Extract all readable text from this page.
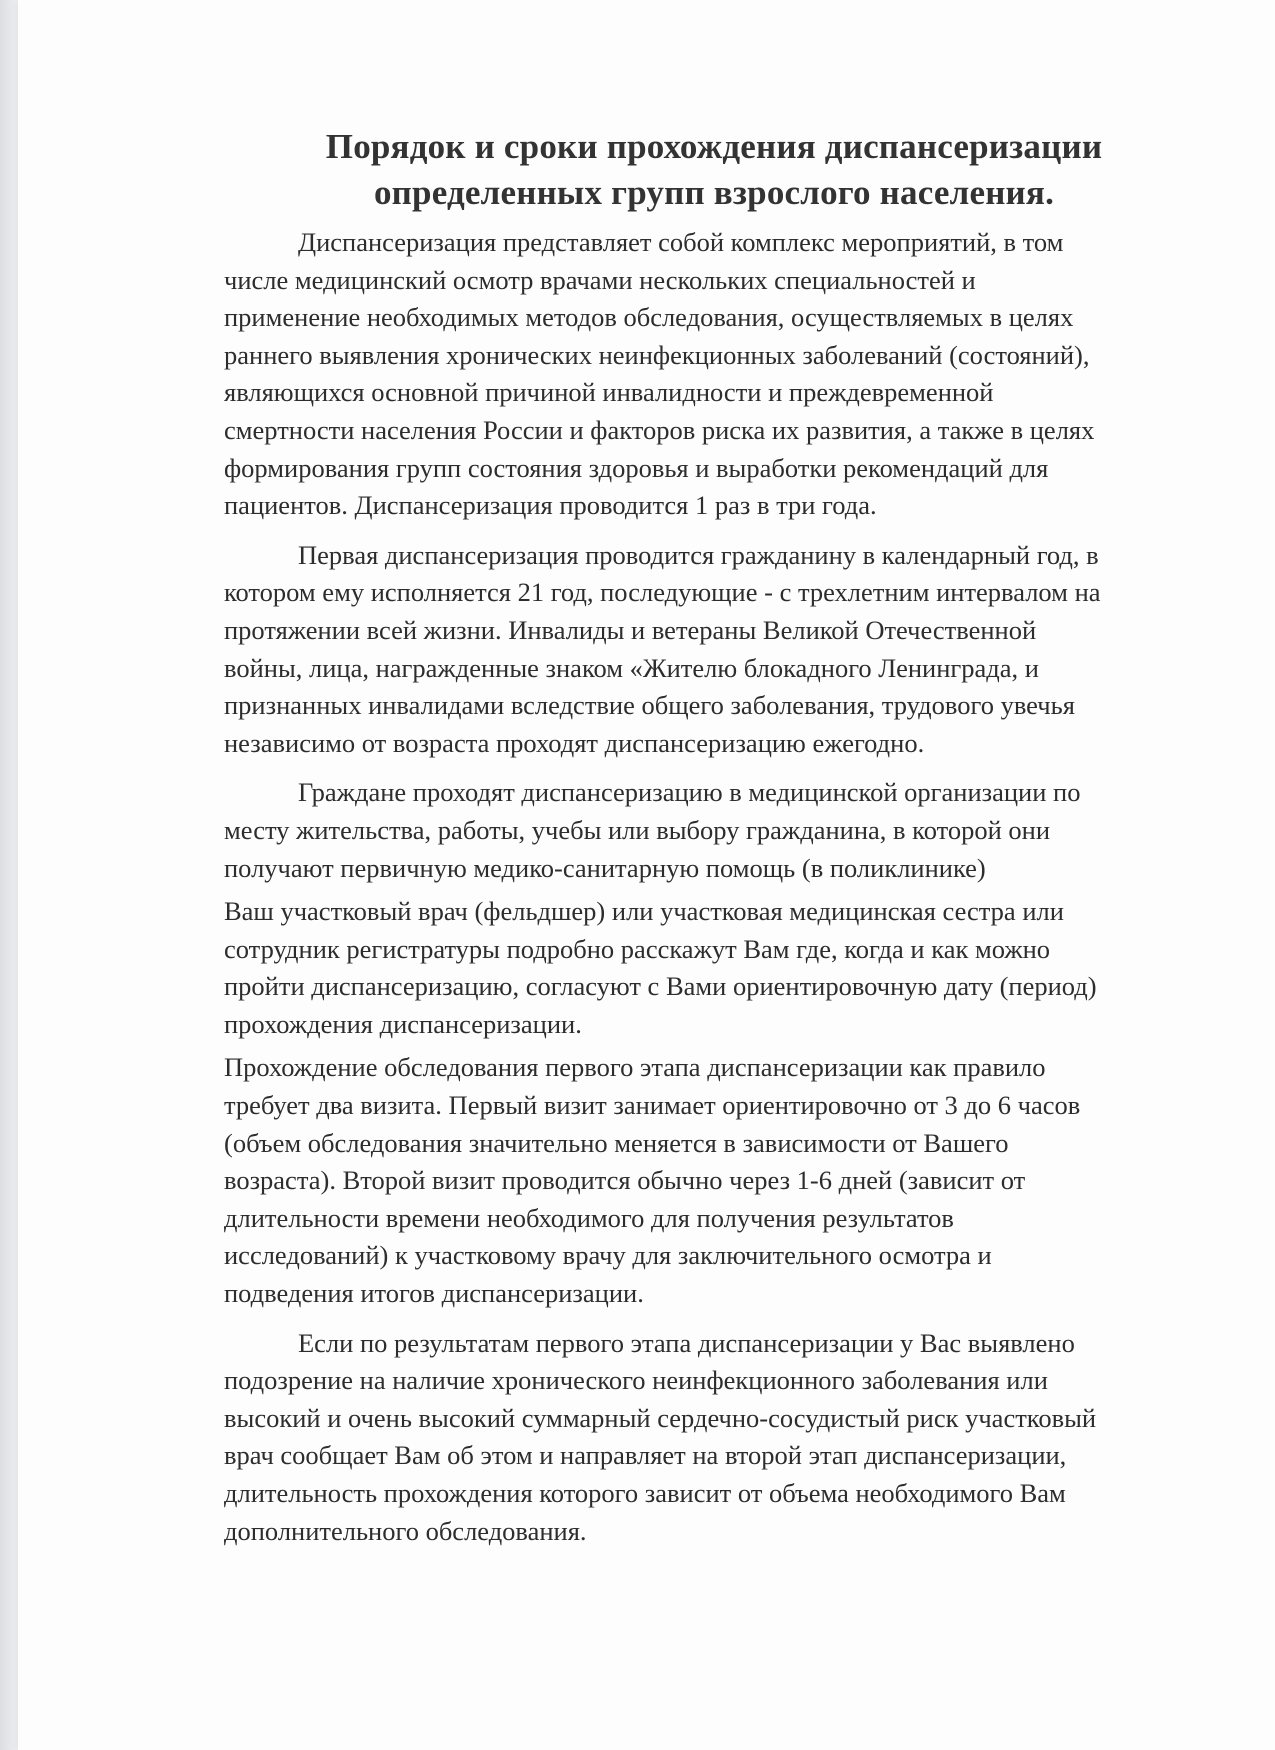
Порядок и сроки прохождения диспансеризации
определенных групп взрослого населения.

Диспансеризация представляет собой комплекс мероприятий, в том
числе медицинский осмотр врачами нескольких специальностей и
применение необходимых методов обследования, осуществляемых в целях
раннего выявления хронических неинфекционных заболеваний (состояний),
являющихся основной причиной инвалидности и преждевременной
смертности населения России и факторов риска их развития, а также в целях
формирования групп состояния здоровья и выработки рекомендаций для
пациентов. Диспансеризация проводится 1 раз в три года.

Первая диспансеризация проводится гражданину в календарный год, в
котором ему исполняется 21 год, последующие - с трехлетним интервалом на
протяжении всей жизни. Инвалиды и ветераны Великой Отечественной
войны, лица, награжденные знаком «Жителю блокадного Ленинграда, и
признанных инвалидами вследствие общего заболевания, трудового увечья
независимо от возраста проходят диспансеризацию ежегодно.

Граждане проходят диспансеризацию в медицинской организации по
месту жительства, работы, учебы или выбору гражданина, в которой они
получают первичную медико-санитарную помощь (в поликлинике)

Ваш участковый врач (фельдшер) или участковая медицинская сестра или
сотрудник регистратуры подробно расскажут Вам где, когда и как можно
пройти диспансеризацию, согласуют с Вами ориентировочную дату (период)
прохождения диспансеризации.

Прохождение обследования первого этапа диспансеризации как правило
требует два визита. Первый визит занимает ориентировочно от 3 до 6 часов
(объем обследования значительно меняется в зависимости от Вашего
возраста). Второй визит проводится обычно через 1-6 дней (зависит от
длительности времени необходимого для получения результатов
исследований) к участковому врачу для заключительного осмотра и
подведения итогов диспансеризации.

Если по результатам первого этапа диспансеризации у Вас выявлено
подозрение на наличие хронического неинфекционного заболевания или
высокий и очень высокий суммарный сердечно-сосудистый риск участковый
врач сообщает Вам об этом и направляет на второй этап диспансеризации,
длительность прохождения которого зависит от объема необходимого Вам
дополнительного обследования.
